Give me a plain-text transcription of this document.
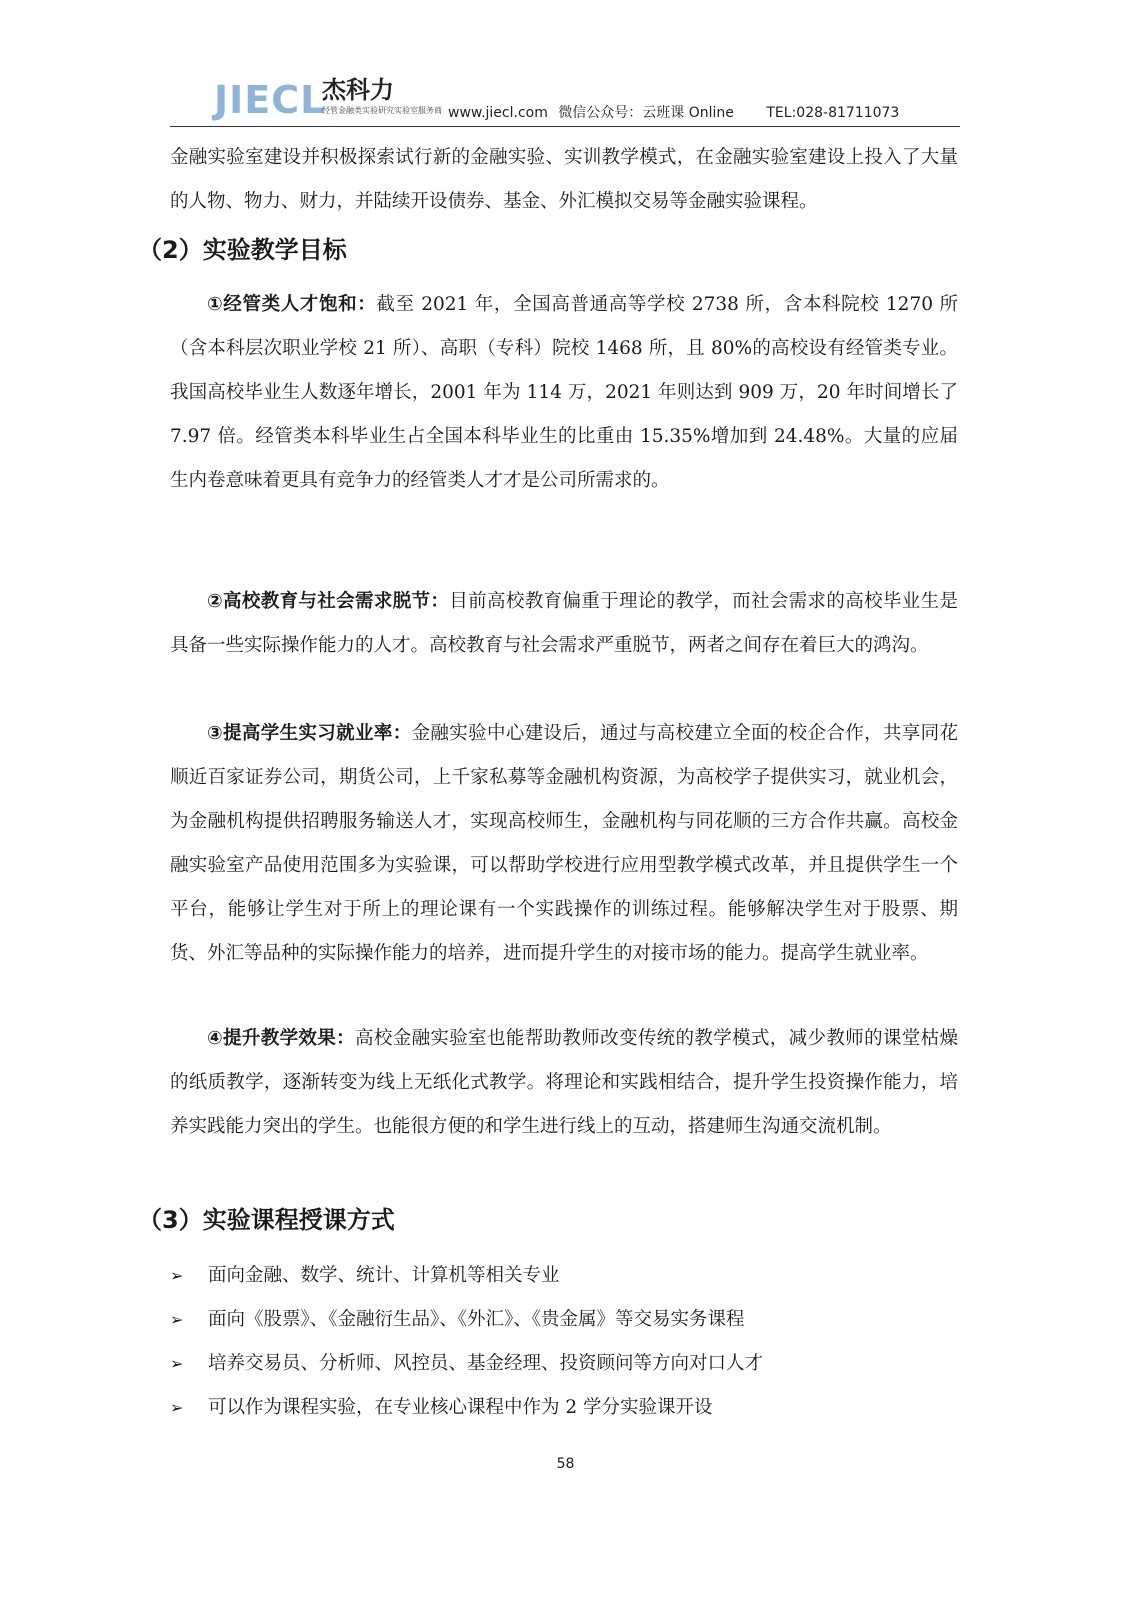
JIECL
杰科力
经管金融类实验研究实验室服务商 www.jiecl.com 微信公众号：云班课 Online TEL:028-81711073

金融实验室建设并积极探索试行新的金融实验、实训教学模式，在金融实验室建设上投入了大量的人物、物力、财力，并陆续开设债券、基金、外汇模拟交易等金融实验课程。

（2）实验教学目标

①经管类人才饱和：截至 2021 年，全国高普通高等学校 2738 所，含本科院校 1270 所（含本科层次职业学校 21 所）、高职（专科）院校 1468 所，且 80%的高校设有经管类专业。我国高校毕业生人数逐年增长，2001 年为 114 万，2021 年则达到 909 万，20 年时间增长了 7.97 倍。经管类本科毕业生占全国本科毕业生的比重由 15.35%增加到 24.48%。大量的应届生内卷意味着更具有竞争力的经管类人才才是公司所需求的。

②高校教育与社会需求脱节：目前高校教育偏重于理论的教学，而社会需求的高校毕业生是具备一些实际操作能力的人才。高校教育与社会需求严重脱节，两者之间存在着巨大的鸿沟。

③提高学生实习就业率：金融实验中心建设后，通过与高校建立全面的校企合作，共享同花顺近百家证券公司，期货公司，上千家私募等金融机构资源，为高校学子提供实习，就业机会，为金融机构提供招聘服务输送人才，实现高校师生，金融机构与同花顺的三方合作共赢。高校金融实验室产品使用范围多为实验课，可以帮助学校进行应用型教学模式改革，并且提供学生一个平台，能够让学生对于所上的理论课有一个实践操作的训练过程。能够解决学生对于股票、期货、外汇等品种的实际操作能力的培养，进而提升学生的对接市场的能力。提高学生就业率。

④提升教学效果：高校金融实验室也能帮助教师改变传统的教学模式，减少教师的课堂枯燥的纸质教学，逐渐转变为线上无纸化式教学。将理论和实践相结合，提升学生投资操作能力，培养实践能力突出的学生。也能很方便的和学生进行线上的互动，搭建师生沟通交流机制。

（3）实验课程授课方式
➢ 面向金融、数学、统计、计算机等相关专业
➢ 面向《股票》、《金融衍生品》、《外汇》、《贵金属》等交易实务课程
➢ 培养交易员、分析师、风控员、基金经理、投资顾问等方向对口人才
➢ 可以作为课程实验，在专业核心课程中作为 2 学分实验课开设
58
